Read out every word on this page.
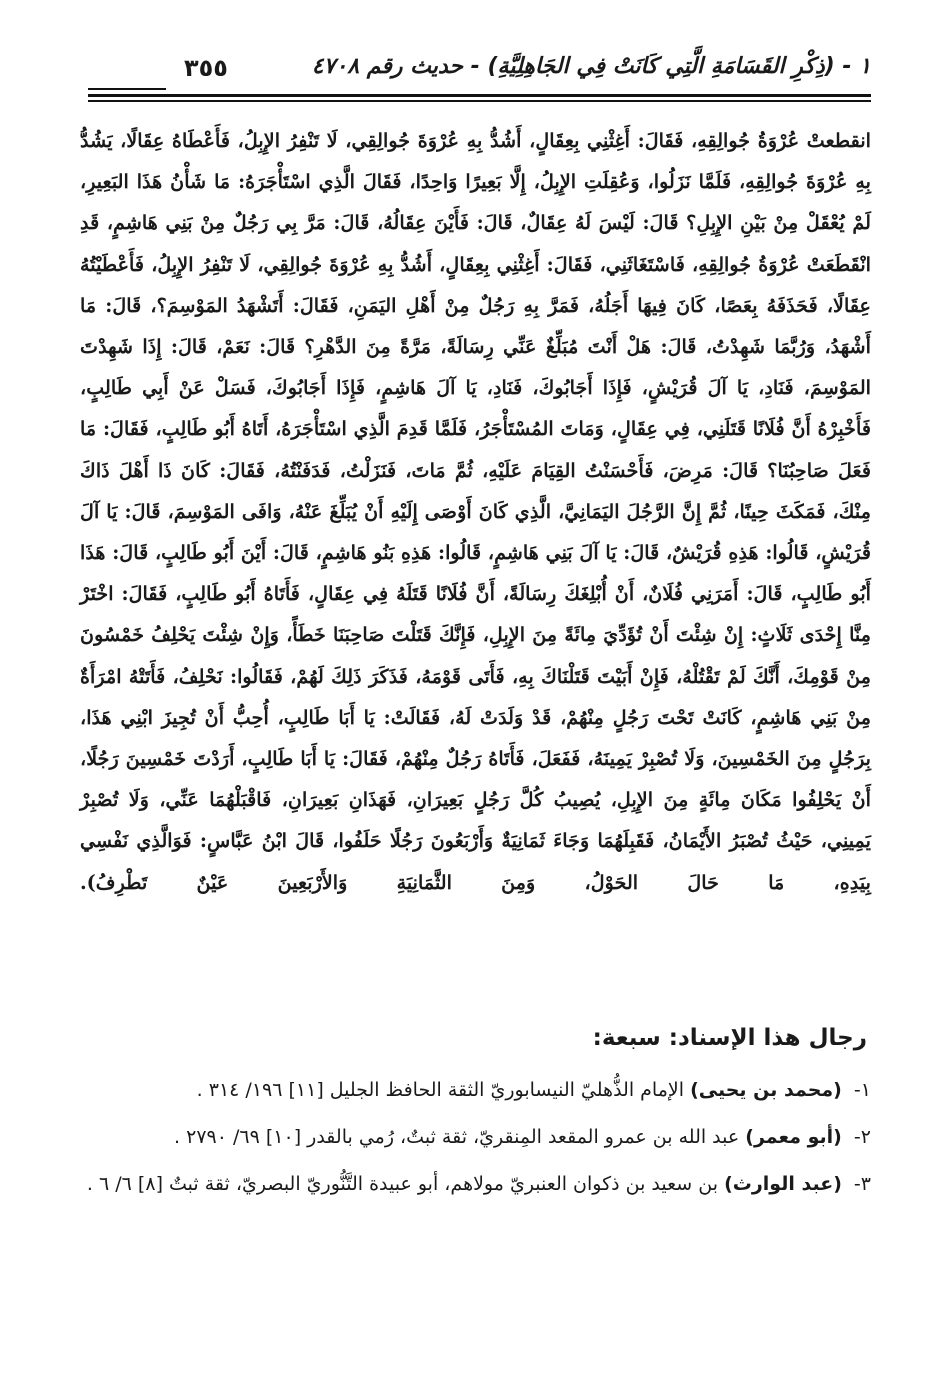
١ - (ذِكْرِ القَسَامَةِ الَّتِي كَانَتْ فِي الجَاهِلِيَّةِ) - حديث رقم ٤٧٠٨
٣٥٥

انقطعتْ عُرْوَةُ جُوالِقِهِ، فَقَالَ: أَغِثْنِي بِعِقَالٍ، أَشُدُّ بِهِ عُرْوَةَ جُوالِقِي، لَا تَنْفِرُ الإِبِلُ، فَأَعْطَاهُ عِقَالًا، يَشُدُّ بِهِ عُرْوَةَ جُوالِقِهِ، فَلَمَّا نَزَلُوا، وَعُقِلَتِ الإِبِلُ، إِلَّا بَعِيرًا وَاحِدًا، فَقَالَ الَّذِي اسْتَأْجَرَهُ: مَا شَأْنُ هَذَا البَعِيرِ، لَمْ يُعْقَلْ مِنْ بَيْنِ الإِبِلِ؟ قَالَ: لَيْسَ لَهُ عِقَالٌ، قَالَ: فَأَيْنَ عِقَالُهُ، قَالَ: مَرَّ بِي رَجُلٌ مِنْ بَنِي هَاشِمٍ، قَدِ انْقَطَعَتْ عُرْوَةُ جُوالِقِهِ، فَاسْتَغَاثَنِي، فَقَالَ: أَغِثْنِي بِعِقَالٍ، أَشُدُّ بِهِ عُرْوَةَ جُوالِقِي، لَا تَنْفِرُ الإِبِلُ، فَأَعْطَيْتُهُ عِقَالًا، فَحَذَفَهُ بِعَصًا، كَانَ فِيهَا أَجَلُهُ، فَمَرَّ بِهِ رَجُلٌ مِنْ أَهْلِ اليَمَنِ، فَقَالَ: أَتَشْهَدُ المَوْسِمَ؟، قَالَ: مَا أَشْهَدُ، وَرُبَّمَا شَهِدْتُ، قَالَ: هَلْ أَنْتَ مُبَلِّغٌ عَنِّي رِسَالَةً، مَرَّةً مِنَ الدَّهْرِ؟ قَالَ: نَعَمْ، قَالَ: إِذَا شَهِدْتَ المَوْسِمَ، فَنَادِ، يَا آلَ قُرَيْشٍ، فَإِذَا أَجَابُوكَ، فَنَادِ، يَا آلَ هَاشِمٍ، فَإِذَا أَجَابُوكَ، فَسَلْ عَنْ أَبِي طَالِبٍ، فَأَخْبِرْهُ أَنَّ فُلَانًا قَتَلَنِي، فِي عِقَالٍ، وَمَاتَ المُسْتَأْجَرُ، فَلَمَّا قَدِمَ الَّذِي اسْتَأْجَرَهُ، أَتَاهُ أَبُو طَالِبٍ، فَقَالَ: مَا فَعَلَ صَاحِبُنَا؟ قَالَ: مَرِضَ، فَأَحْسَنْتُ القِيَامَ عَلَيْهِ، ثُمَّ مَاتَ، فَنَزَلْتُ، فَدَفَنْتُهُ، فَقَالَ: كَانَ ذَا أَهْلَ ذَاكَ مِنْكَ، فَمَكَثَ حِينًا، ثُمَّ إِنَّ الرَّجُلَ اليَمَانِيَّ، الَّذِي كَانَ أَوْصَى إِلَيْهِ أَنْ يُبَلِّغَ عَنْهُ، وَافَى المَوْسِمَ، قَالَ: يَا آلَ قُرَيْشٍ، قَالُوا: هَذِهِ قُرَيْشٌ، قَالَ: يَا آلَ بَنِي هَاشِمٍ، قَالُوا: هَذِهِ بَنُو هَاشِمٍ، قَالَ: أَيْنَ أَبُو طَالِبٍ، قَالَ: هَذَا أَبُو طَالِبٍ، قَالَ: أَمَرَنِي فُلَانٌ، أَنْ أُبْلِغَكَ رِسَالَةً، أَنَّ فُلَانًا قَتَلَهُ فِي عِقَالٍ، فَأَتَاهُ أَبُو طَالِبٍ، فَقَالَ: اخْتَرْ مِنَّا إِحْدَى ثَلَاثٍ: إِنْ شِئْتَ أَنْ تُؤَدِّيَ مِائَةً مِنَ الإِبِلِ، فَإِنَّكَ قَتَلْتَ صَاحِبَنَا خَطَأً، وَإِنْ شِئْتَ يَحْلِفُ خَمْسُونَ مِنْ قَوْمِكَ، أَنَّكَ لَمْ تَقْتُلْهُ، فَإِنْ أَبَيْتَ قَتَلْنَاكَ بِهِ، فَأَتَى قَوْمَهُ، فَذَكَرَ ذَلِكَ لَهُمْ، فَقَالُوا: نَحْلِفُ، فَأَتَتْهُ امْرَأَةٌ مِنْ بَنِي هَاشِمٍ، كَانَتْ تَحْتَ رَجُلٍ مِنْهُمْ، قَدْ وَلَدَتْ لَهُ، فَقَالَتْ: يَا أَبَا طَالِبٍ، أُحِبُّ أَنْ تُجِيزَ ابْنِي هَذَا، بِرَجُلٍ مِنَ الخَمْسِينَ، وَلَا تُصْبِرْ يَمِينَهُ، فَفَعَلَ، فَأَتَاهُ رَجُلٌ مِنْهُمْ، فَقَالَ: يَا أَبَا طَالِبٍ، أَرَدْتَ خَمْسِينَ رَجُلًا، أَنْ يَحْلِفُوا مَكَانَ مِائَةٍ مِنَ الإِبِلِ، يُصِيبُ كُلَّ رَجُلٍ بَعِيرَانِ، فَهَذَانِ بَعِيرَانِ، فَاقْبَلْهُمَا عَنِّي، وَلَا تُصْبِرْ يَمِينِي، حَيْثُ تُصْبَرُ الأَيْمَانُ، فَقَبِلَهُمَا وَجَاءَ ثَمَانِيَةٌ وَأَرْبَعُونَ رَجُلًا حَلَفُوا، قَالَ ابْنُ عَبَّاسٍ: فَوَالَّذِي نَفْسِي بِيَدِهِ، مَا حَالَ الحَوْلُ، وَمِنَ الثَّمَانِيَةِ وَالأَرْبَعِينَ عَيْنٌ تَطْرِفُ).

رجال هذا الإسناد: سبعة:

١- (محمد بن يحيى) الإمام الذُّهليّ النيسابوريّ الثقة الحافظ الجليل [١١] ١٩٦/ ٣١٤ .

٢- (أبو معمر) عبد الله بن عمرو المقعد المِنقريّ، ثقة ثبتٌ، رُمي بالقدر [١٠] ٦٩/ ٢٧٩٠ .

٣- (عبد الوارث) بن سعيد بن ذكوان العنبريّ مولاهم، أبو عبيدة التَّنُّوريّ البصريّ، ثقة ثبتٌ [٨] ٦/ ٦ .
